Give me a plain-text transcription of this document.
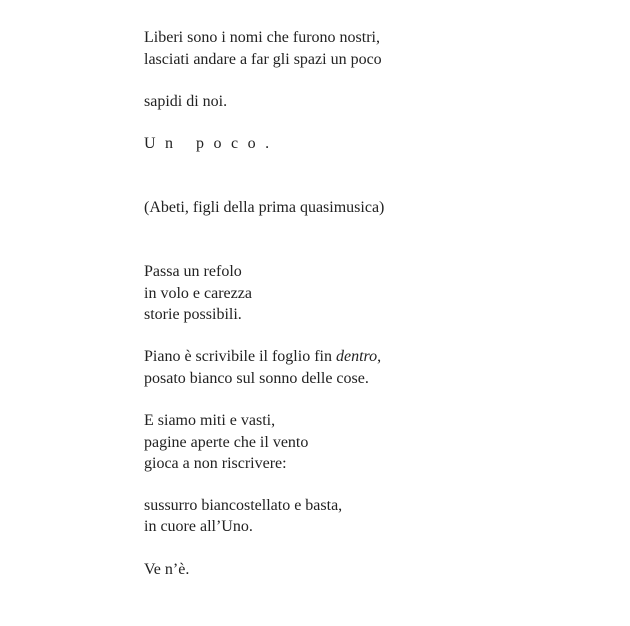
Liberi sono i nomi che furono nostri,
lasciati andare a far gli spazi un poco
sapidi di noi.
Un poco.
(Abeti, figli della prima quasimusica)
Passa un refolo
in volo e carezza
storie possibili.
Piano è scrivibile il foglio fin dentro,
posato bianco sul sonno delle cose.
E siamo miti e vasti,
pagine aperte che il vento
gioca a non riscrivere:
sussurro biancostellato e basta,
in cuore all’Uno.
Ve n’è.
